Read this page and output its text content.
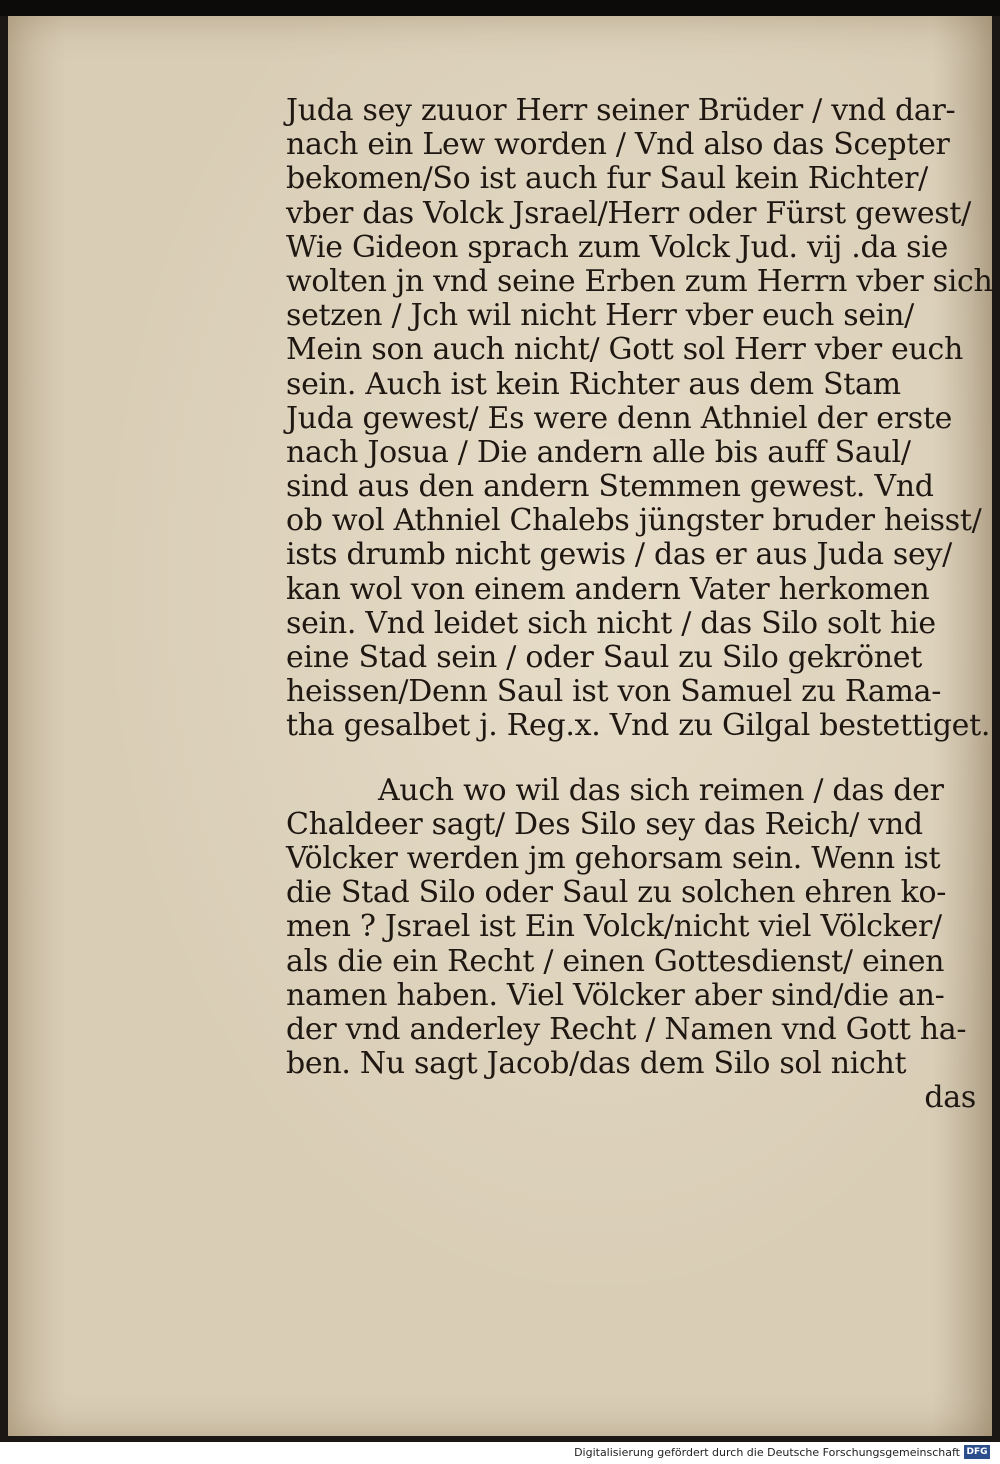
Juda sey zuuor Herr seiner Brüder / vnd dar-
nach ein Lew worden / Vnd also das Scepter
bekomen/So ist auch fur Saul kein Richter/
vber das Volck Jsrael/Herr oder Fürst gewest/
Wie Gideon sprach zum Volck Jud. vij .da sie
wolten jn vnd seine Erben zum Herrn vber sich
setzen / Jch wil nicht Herr vber euch sein/
Mein son auch nicht/ Gott sol Herr vber euch
sein. Auch ist kein Richter aus dem Stam
Juda gewest/ Es were denn Athniel der erste
nach Josua / Die andern alle bis auff Saul/
sind aus den andern Stemmen gewest. Vnd
ob wol Athniel Chalebs jüngster bruder heisst/
ists drumb nicht gewis / das er aus Juda sey/
kan wol von einem andern Vater herkomen
sein. Vnd leidet sich nicht / das Silo solt hie
eine Stad sein / oder Saul zu Silo gekrönet
heissen/Denn Saul ist von Samuel zu Rama-
tha gesalbet j. Reg.x. Vnd zu Gilgal bestettiget.
Auch wo wil das sich reimen / das der
Chaldeer sagt/ Des Silo sey das Reich/ vnd
Völcker werden jm gehorsam sein. Wenn ist
die Stad Silo oder Saul zu solchen ehren ko-
men ? Jsrael ist Ein Volck/nicht viel Völcker/
als die ein Recht / einen Gottesdienst/ einen
namen haben. Viel Völcker aber sind/die an-
der vnd anderley Recht / Namen vnd Gott ha-
ben. Nu sagt Jacob/das dem Silo sol nicht
das
Digitalisierung gefördert durch die Deutsche Forschungsgemeinschaft DFG
